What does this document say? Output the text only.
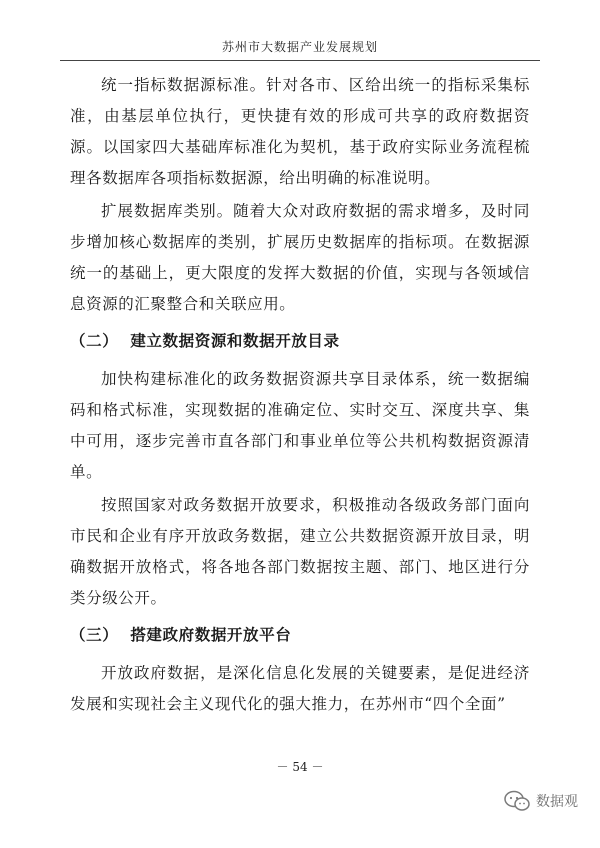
苏州市大数据产业发展规划

统一指标数据源标准。针对各市、区给出统一的指标采集标准，由基层单位执行，更快捷有效的形成可共享的政府数据资源。以国家四大基础库标准化为契机，基于政府实际业务流程梳理各数据库各项指标数据源，给出明确的标准说明。

扩展数据库类别。随着大众对政府数据的需求增多，及时同步增加核心数据库的类别，扩展历史数据库的指标项。在数据源统一的基础上，更大限度的发挥大数据的价值，实现与各领域信息资源的汇聚整合和关联应用。

（二） 建立数据资源和数据开放目录

加快构建标准化的政务数据资源共享目录体系，统一数据编码和格式标准，实现数据的准确定位、实时交互、深度共享、集中可用，逐步完善市直各部门和事业单位等公共机构数据资源清单。

按照国家对政务数据开放要求，积极推动各级政务部门面向市民和企业有序开放政务数据，建立公共数据资源开放目录，明确数据开放格式，将各地各部门数据按主题、部门、地区进行分类分级公开。

（三） 搭建政府数据开放平台

开放政府数据，是深化信息化发展的关键要素，是促进经济发展和实现社会主义现代化的强大推力，在苏州市“四个全面”

－ 54 －
数据观
